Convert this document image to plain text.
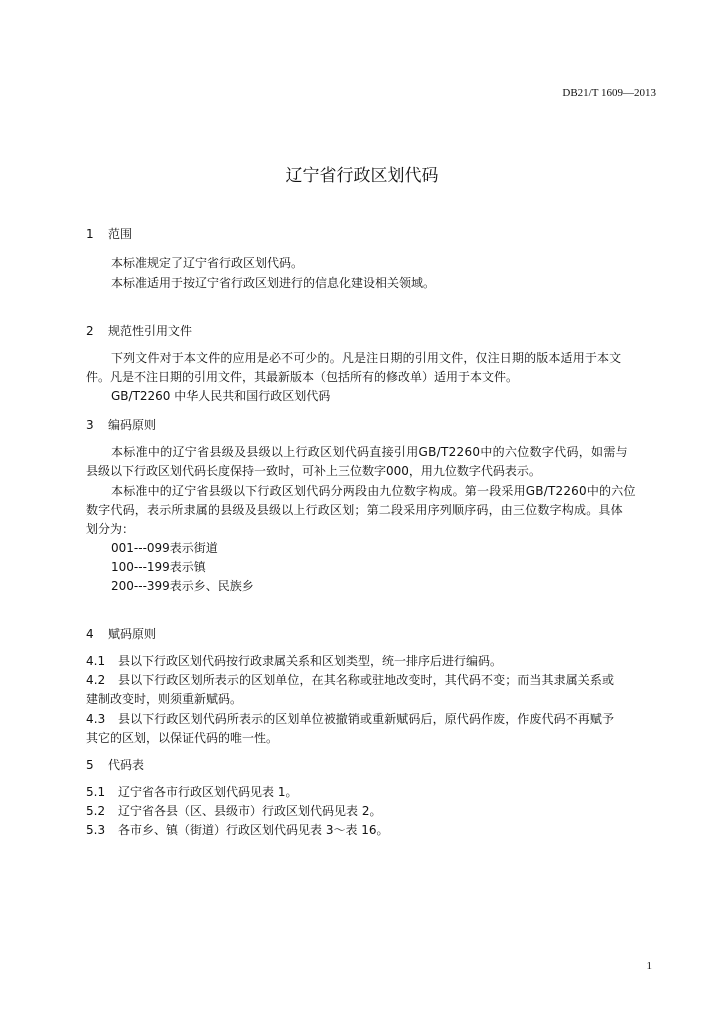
DB21/T 1609—2013
辽宁省行政区划代码
1 范围
本标准规定了辽宁省行政区划代码。
本标准适用于按辽宁省行政区划进行的信息化建设相关领域。
2 规范性引用文件
下列文件对于本文件的应用是必不可少的。凡是注日期的引用文件，仅注日期的版本适用于本文
件。凡是不注日期的引用文件，其最新版本（包括所有的修改单）适用于本文件。
GB/T2260 中华人民共和国行政区划代码
3 编码原则
本标准中的辽宁省县级及县级以上行政区划代码直接引用GB/T2260中的六位数字代码，如需与
县级以下行政区划代码长度保持一致时，可补上三位数字000，用九位数字代码表示。
本标准中的辽宁省县级以下行政区划代码分两段由九位数字构成。第一段采用GB/T2260中的六位
数字代码，表示所隶属的县级及县级以上行政区划；第二段采用序列顺序码，由三位数字构成。具体
划分为：
001---099表示街道
100---199表示镇
200---399表示乡、民族乡
4 赋码原则
4.1 县以下行政区划代码按行政隶属关系和区划类型，统一排序后进行编码。
4.2 县以下行政区划所表示的区划单位，在其名称或驻地改变时，其代码不变；而当其隶属关系或
建制改变时，则须重新赋码。
4.3 县以下行政区划代码所表示的区划单位被撤销或重新赋码后，原代码作废，作废代码不再赋予
其它的区划，以保证代码的唯一性。
5 代码表
5.1 辽宁省各市行政区划代码见表 1。
5.2 辽宁省各县（区、县级市）行政区划代码见表 2。
5.3 各市乡、镇（街道）行政区划代码见表 3～表 16。
1
